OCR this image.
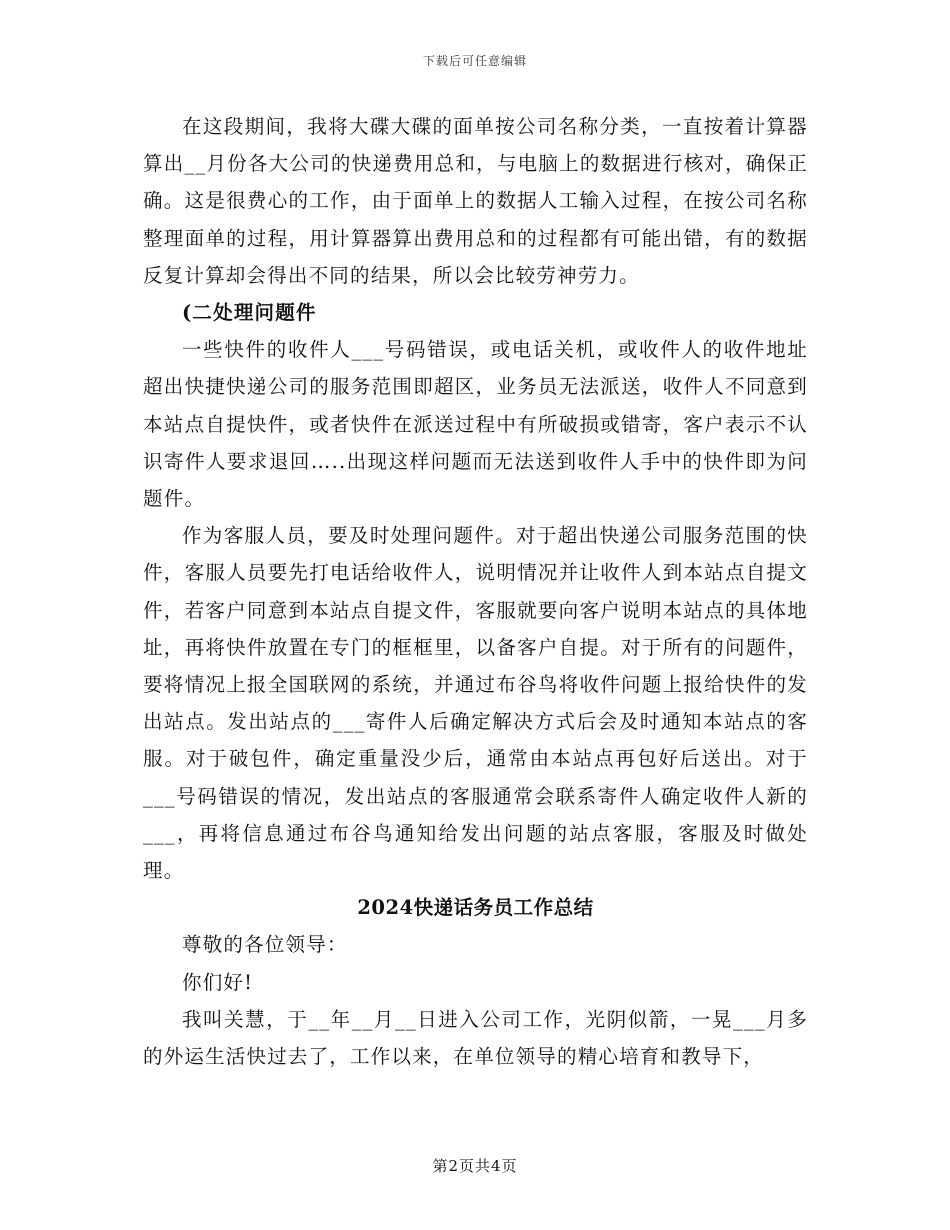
下载后可任意编辑

在这段期间，我将大碟大碟的面单按公司名称分类，一直按着计算器算出__月份各大公司的快递费用总和，与电脑上的数据进行核对，确保正确。这是很费心的工作，由于面单上的数据人工输入过程，在按公司名称整理面单的过程，用计算器算出费用总和的过程都有可能出错，有的数据反复计算却会得出不同的结果，所以会比较劳神劳力。

(二处理问题件

一些快件的收件人___号码错误，或电话关机，或收件人的收件地址超出快捷快递公司的服务范围即超区，业务员无法派送，收件人不同意到本站点自提快件，或者快件在派送过程中有所破损或错寄，客户表示不认识寄件人要求退回…..出现这样问题而无法送到收件人手中的快件即为问题件。

作为客服人员，要及时处理问题件。对于超出快递公司服务范围的快件，客服人员要先打电话给收件人，说明情况并让收件人到本站点自提文件，若客户同意到本站点自提文件，客服就要向客户说明本站点的具体地址，再将快件放置在专门的框框里，以备客户自提。对于所有的问题件，要将情况上报全国联网的系统，并通过布谷鸟将收件问题上报给快件的发出站点。发出站点的___寄件人后确定解决方式后会及时通知本站点的客服。对于破包件，确定重量没少后，通常由本站点再包好后送出。对于___号码错误的情况，发出站点的客服通常会联系寄件人确定收件人新的___，再将信息通过布谷鸟通知给发出问题的站点客服，客服及时做处理。

2024快递话务员工作总结

尊敬的各位领导：

你们好!

我叫关慧，于__年__月__日进入公司工作，光阴似箭，一晃___月多的外运生活快过去了，工作以来，在单位领导的精心培育和教导下，

第2页共4页
